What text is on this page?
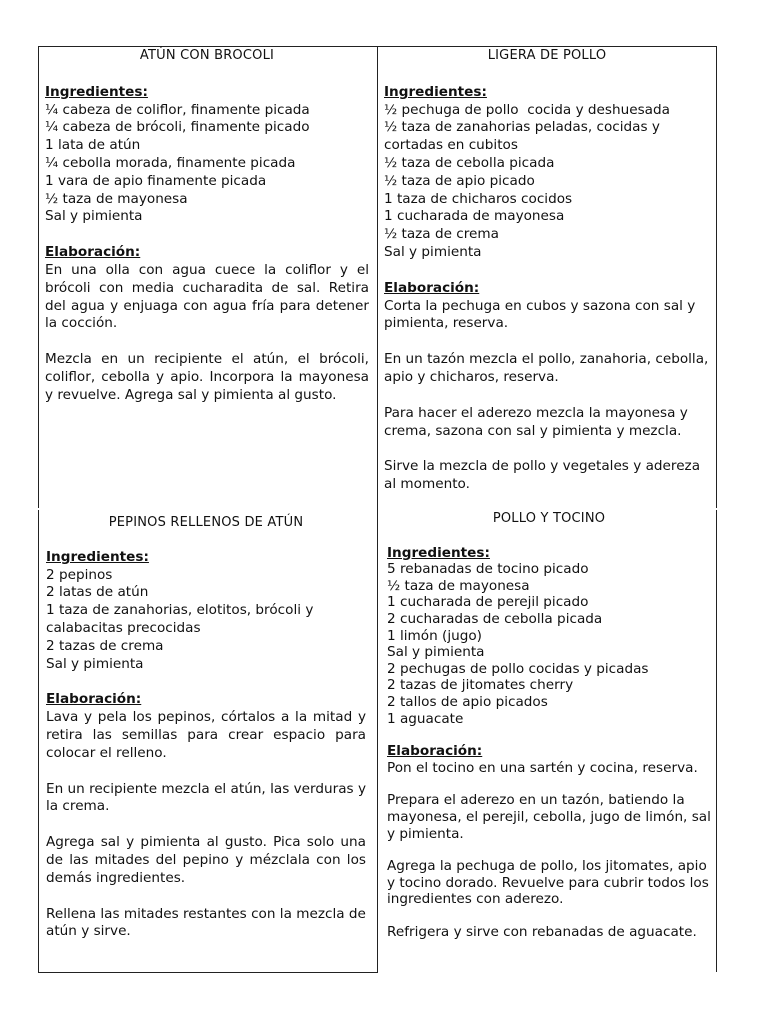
ATÚN CON BROCOLI
Ingredientes:
¼ cabeza de coliflor, finamente picada
¼ cabeza de brócoli, finamente picado
1 lata de atún
¼ cebolla morada, finamente picada
1 vara de apio finamente picada
½ taza de mayonesa
Sal y pimienta
Elaboración:

En una olla con agua cuece la coliflor y el brócoli con media cucharadita de sal. Retira del agua y enjuaga con agua fría para detener la cocción.

Mezcla en un recipiente el atún, el brócoli, coliflor, cebolla y apio. Incorpora la mayonesa y revuelve. Agrega sal y pimienta al gusto.

LIGERA DE POLLO
Ingredientes:
½ pechuga de pollo  cocida y deshuesada
½ taza de zanahorias peladas, cocidas y
cortadas en cubitos
½ taza de cebolla picada
½ taza de apio picado
1 taza de chicharos cocidos
1 cucharada de mayonesa
½ taza de crema
Sal y pimienta
Elaboración:

Corta la pechuga en cubos y sazona con sal y pimienta, reserva.

En un tazón mezcla el pollo, zanahoria, cebolla, apio y chicharos, reserva.

Para hacer el aderezo mezcla la mayonesa y crema, sazona con sal y pimienta y mezcla.

Sirve la mezcla de pollo y vegetales y adereza al momento.

PEPINOS RELLENOS DE ATÚN
Ingredientes:
2 pepinos
2 latas de atún
1 taza de zanahorias, elotitos, brócoli y
calabacitas precocidas
2 tazas de crema
Sal y pimienta
Elaboración:

Lava y pela los pepinos, córtalos a la mitad y retira las semillas para crear espacio para colocar el relleno.

En un recipiente mezcla el atún, las verduras y la crema.

Agrega sal y pimienta al gusto. Pica solo una de las mitades del pepino y mézclala con los demás ingredientes.

Rellena las mitades restantes con la mezcla de atún y sirve.

POLLO Y TOCINO
Ingredientes:
5 rebanadas de tocino picado
½ taza de mayonesa
1 cucharada de perejil picado
2 cucharadas de cebolla picada
1 limón (jugo)
Sal y pimienta
2 pechugas de pollo cocidas y picadas
2 tazas de jitomates cherry
2 tallos de apio picados
1 aguacate
Elaboración:

Pon el tocino en una sartén y cocina, reserva.

Prepara el aderezo en un tazón, batiendo la mayonesa, el perejil, cebolla, jugo de limón, sal y pimienta.

Agrega la pechuga de pollo, los jitomates, apio y tocino dorado. Revuelve para cubrir todos los ingredientes con aderezo.

Refrigera y sirve con rebanadas de aguacate.
